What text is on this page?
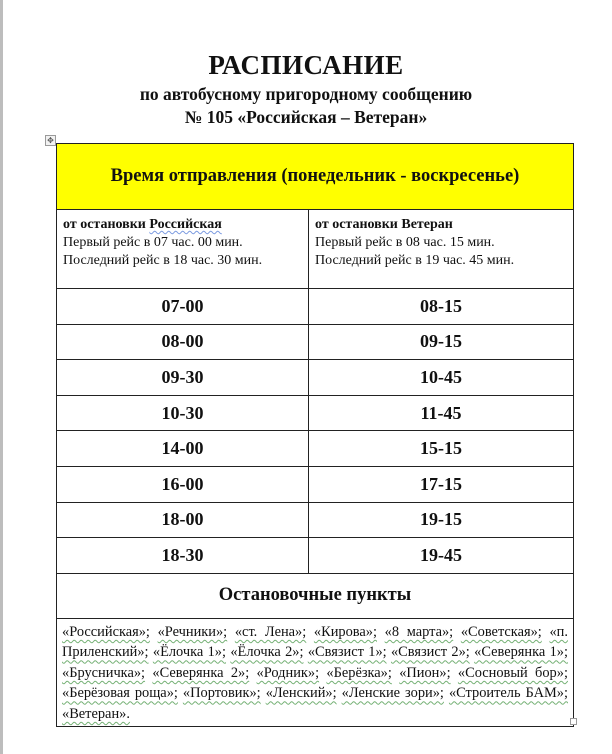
РАСПИСАНИЕ
по автобусному пригородному сообщению
№ 105 «Российская – Ветеран»
✥
Время отправления (понедельник - воскресенье)	

от остановки Российская
Первый рейс в 07 час. 00 мин.
Последний рейс в 18 час. 30 мин.

от остановки Ветеран
Первый рейс в 08 час. 15 мин.
Последний рейс в 19 час. 45 мин.

07-00	08-15
08-00	09-15
09-30	10-45
10-30	11-45
14-00	15-15
16-00	17-15
18-00	19-15
18-30	19-45
Остановочные пункты	
«Российская»; «Речники»; «ст. Лена»; «Кирова»; «8 марта»; «Советская»; «п. Приленский»; «Ёлочка 1»; «Ёлочка 2»; «Связист 1»; «Связист 2»; «Северянка 1»; «Брусничка»; «Северянка 2»; «Родник»; «Берёзка»; «Пион»; «Сосновый бор»; «Берёзовая роща»; «Портовик»; «Ленский»; «Ленские зори»; «Строитель БАМ»; «Ветеран».	
